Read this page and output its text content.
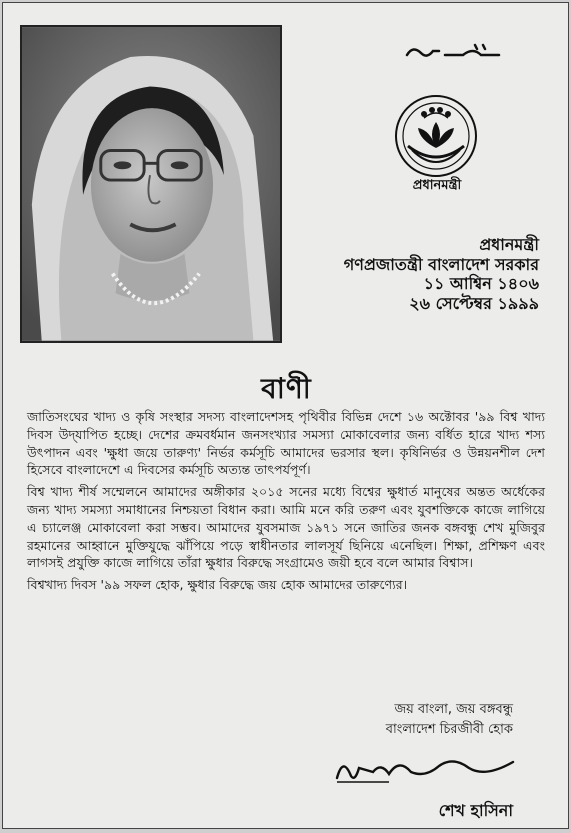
প্রধানমন্ত্রী
প্রধানমন্ত্রী
গণপ্রজাতন্ত্রী বাংলাদেশ সরকার
১১ আশ্বিন ১৪০৬
২৬ সেপ্টেম্বর ১৯৯৯
বাণী

জাতিসংঘের খাদ্য ও কৃষি সংস্থার সদস্য বাংলাদেশসহ পৃথিবীর বিভিন্ন দেশে ১৬ অক্টোবর '৯৯ বিশ্ব খাদ্য দিবস উদ্‌যাপিত হচ্ছে। দেশের ক্রমবর্ধমান জনসংখ্যার সমস্যা মোকাবেলার জন্য বর্ধিত হারে খাদ্য শস্য উৎপাদন এবং 'ক্ষুধা জয়ে তারুণ্য' নির্ভর কর্মসূচি আমাদের ভরসার স্থল। কৃষিনির্ভর ও উন্নয়নশীল দেশ হিসেবে বাংলাদেশে এ দিবসের কর্মসূচি অত্যন্ত তাৎপর্যপূর্ণ।

বিশ্ব খাদ্য শীর্ষ সম্মেলনে আমাদের অঙ্গীকার ২০১৫ সনের মধ্যে বিশ্বের ক্ষুধার্ত মানুষের অন্তত অর্ধেকের জন্য খাদ্য সমস্যা সমাধানের নিশ্চয়তা বিধান করা। আমি মনে করি তরুণ এবং যুবশক্তিকে কাজে লাগিয়ে এ চ্যালেঞ্জ মোকাবেলা করা সম্ভব। আমাদের যুবসমাজ ১৯৭১ সনে জাতির জনক বঙ্গবন্ধু শেখ মুজিবুর রহমানের আহ্বানে মুক্তিযুদ্ধে ঝাঁপিয়ে পড়ে স্বাধীনতার লালসূর্য ছিনিয়ে এনেছিল। শিক্ষা, প্রশিক্ষণ এবং লাগসই প্রযুক্তি কাজে লাগিয়ে তাঁরা ক্ষুধার বিরুদ্ধে সংগ্রামেও জয়ী হবে বলে আমার বিশ্বাস।

বিশ্বখাদ্য দিবস '৯৯ সফল হোক, ক্ষুধার বিরুদ্ধে জয় হোক আমাদের তারুণ্যের।

জয় বাংলা, জয় বঙ্গবন্ধু
বাংলাদেশ চিরজীবী হোক
শেখ হাসিনা
